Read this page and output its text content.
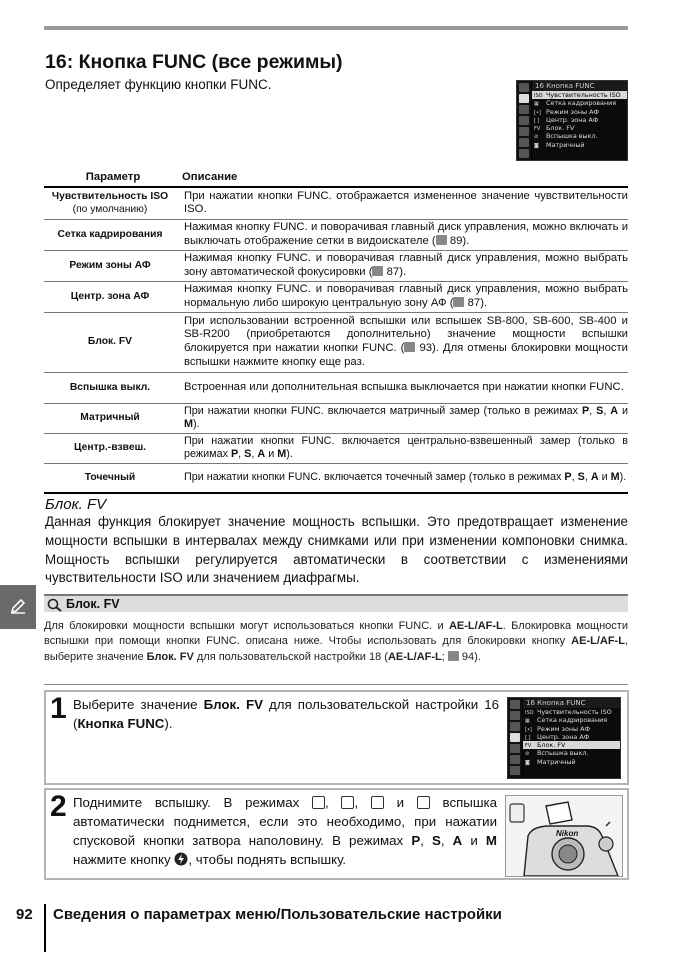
16: Кнопка FUNC (все режимы)
Определяет функцию кнопки FUNC.	16 Кнопка FUNC
ISO Чувствительность ISO
▦ Сетка кадрирования
[•] Режим зоны АФ
[ ] Центр. зона АФ
FV Блок. FV
⊘ Вспышка выкл.
◙ Матричный
Параметр	Описание
Чувствительность ISO
(по умолчанию)	При нажатии кнопки FUNC. отображается измененное значение чувствительности ISO.
Сетка кадрирования	Нажимая кнопку FUNC. и поворачивая главный диск управления, можно включать и выключать отображение сетки в видоискателе ( 89).
Режим зоны АФ	Нажимая кнопку FUNC. и поворачивая главный диск управления, можно выбрать зону автоматической фокусировки ( 87).
Центр. зона АФ	Нажимая кнопку FUNC. и поворачивая главный диск управления, можно выбрать нормальную либо широкую центральную зону АФ ( 87).
Блок. FV	При использовании встроенной вспышки или вспышек SB-800, SB-600, SB-400 и SB-R200 (приобретаются дополнительно) значение мощности вспышки блокируется при нажатии кнопки FUNC. ( 93). Для отмены блокировки мощности вспышки нажмите кнопку еще раз.
Вспышка выкл.	Встроенная или дополнительная вспышка выключается при нажатии кнопки FUNC.
Матричный	При нажатии кнопки FUNC. включается матричный замер (только в режимах P, S, A и M).
Центр.-взвеш.	При нажатии кнопки FUNC. включается центрально-взвешенный замер (только в режимах P, S, A и M).
Точечный	При нажатии кнопки FUNC. включается точечный замер (только в режимах P, S, A и M).
Блок. FV
Данная функция блокирует значение мощность вспышки. Это предотвращает изменение мощности вспышки в интервалах между снимками или при изменении компоновки снимка. Мощность вспышки регулируется автоматически в соответствии с изменениями чувствительности ISO или значением диафрагмы.
Блок. FV
Для блокировки мощности вспышки могут использоваться кнопки FUNC. и AE-L/AF-L. Блокировка мощности вспышки при помощи кнопки FUNC. описана ниже. Чтобы использовать для блокировки кнопку AE-L/AF-L, выберите значение Блок. FV для пользовательской настройки 18 (AE-L/AF-L;  94).
1 Выберите значение Блок. FV для пользовательской настройки 16 (Кнопка FUNC).
16 Кнопка FUNC
ISO Чувствительность ISO
▦ Сетка кадрирования
[•] Режим зоны АФ
[ ] Центр. зона АФ
FV Блок. FV
⊘ Вспышка выкл.
◙ Матричный
2 Поднимите вспышку. В режимах , ,  и  вспышка автоматически поднимется, если это необходимо, при нажатии спусковой кнопки затвора наполовину. В режимах P, S, A и M нажмите кнопку , чтобы поднять вспышку.
Nikon
92 Сведения о параметрах меню/Пользовательские настройки
